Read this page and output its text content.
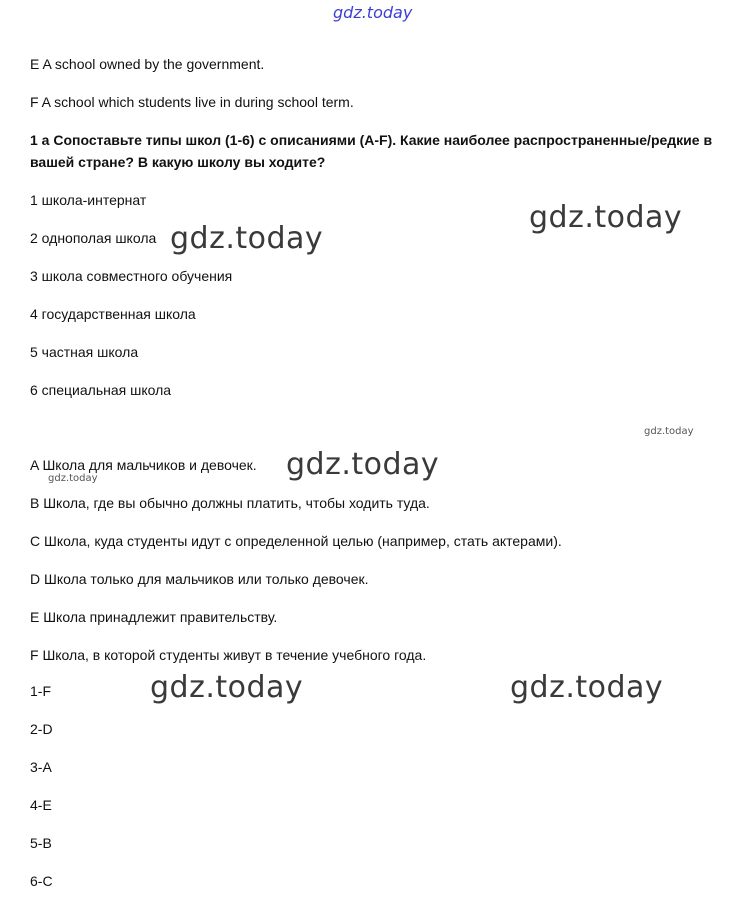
gdz.today
E A school owned by the government.
F A school which students live in during school term.
1 a Сопоставьте типы школ (1-6) с описаниями (A-F). Какие наиболее распространенные/редкие в
вашей стране? В какую школу вы ходите?
1 школа-интернат
2 однополая школа
3 школа совместного обучения
4 государственная школа
5 частная школа
6 специальная школа
A Школа для мальчиков и девочек.
B Школа, где вы обычно должны платить, чтобы ходить туда.
C Школа, куда студенты идут с определенной целью (например, стать актерами).
D Школа только для мальчиков или только девочек.
E Школа принадлежит правительству.
F Школа, в которой студенты живут в течение учебного года.
1-F
2-D
3-A
4-E
5-B
6-C
gdz.today
gdz.today
gdz.today
gdz.today
gdz.today
gdz.today	gdz.today
